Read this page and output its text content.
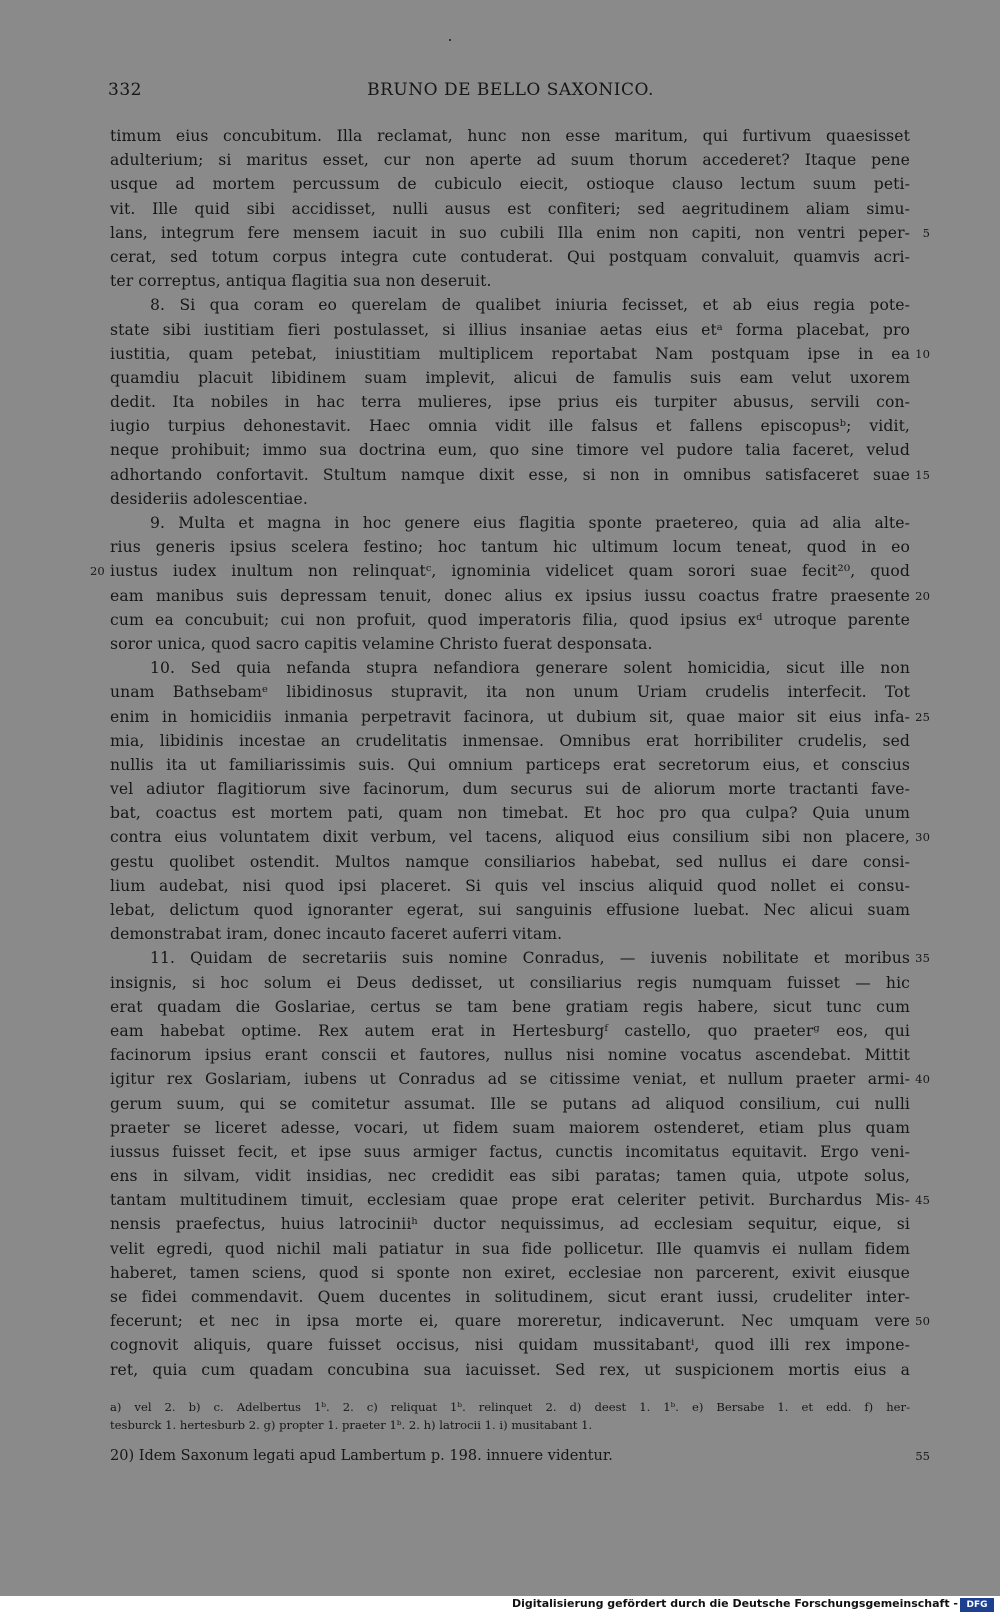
332	BRUNO DE BELLO SAXONICO.
timum eius concubitum. Illa reclamat, hunc non esse maritum, qui furtivum quaesisset
adulterium; si maritus esset, cur non aperte ad suum thorum accederet? Itaque pene
usque ad mortem percussum de cubiculo eiecit, ostioque clauso lectum suum peti-
vit. Ille quid sibi accidisset, nulli ausus est confiteri; sed aegritudinem aliam simu-
lans, integrum fere mensem iacuit in suo cubili Illa enim non capiti, non ventri peper- 5
cerat, sed totum corpus integra cute contuderat. Qui postquam convaluit, quamvis acri-
ter correptus, antiqua flagitia sua non deseruit.
8. Si qua coram eo querelam de qualibet iniuria fecisset, et ab eius regia pote-
state sibi iustitiam fieri postulasset, si illius insaniae aetas eius etᵃ forma placebat, pro
iustitia, quam petebat, iniustitiam multiplicem reportabat Nam postquam ipse in ea 10
quamdiu placuit libidinem suam implevit, alicui de famulis suis eam velut uxorem
dedit. Ita nobiles in hac terra mulieres, ipse prius eis turpiter abusus, servili con-
iugio turpius dehonestavit. Haec omnia vidit ille falsus et fallens episcopusᵇ; vidit,
neque prohibuit; immo sua doctrina eum, quo sine timore vel pudore talia faceret, velud
adhortando confortavit. Stultum namque dixit esse, si non in omnibus satisfaceret suae 15
desideriis adolescentiae.
9. Multa et magna in hoc genere eius flagitia sponte praetereo, quia ad alia alte-
rius generis ipsius scelera festino; hoc tantum hic ultimum locum teneat, quod in eo
iustus iudex inultum non relinquatᶜ, ignominia videlicet quam sorori suae fecit²⁰, quod
20
eam manibus suis depressam tenuit, donec alius ex ipsius iussu coactus fratre praesente 20
cum ea concubuit; cui non profuit, quod imperatoris filia, quod ipsius exᵈ utroque parente
soror unica, quod sacro capitis velamine Christo fuerat desponsata.
10. Sed quia nefanda stupra nefandiora generare solent homicidia, sicut ille non
unam Bathsebamᵉ libidinosus stupravit, ita non unum Uriam crudelis interfecit. Tot
enim in homicidiis inmania perpetravit facinora, ut dubium sit, quae maior sit eius infa- 25
mia, libidinis incestae an crudelitatis inmensae. Omnibus erat horribiliter crudelis, sed
nullis ita ut familiarissimis suis. Qui omnium particeps erat secretorum eius, et conscius
vel adiutor flagitiorum sive facinorum, dum securus sui de aliorum morte tractanti fave-
bat, coactus est mortem pati, quam non timebat. Et hoc pro qua culpa? Quia unum
contra eius voluntatem dixit verbum, vel tacens, aliquod eius consilium sibi non placere, 30
gestu quolibet ostendit. Multos namque consiliarios habebat, sed nullus ei dare consi-
lium audebat, nisi quod ipsi placeret. Si quis vel inscius aliquid quod nollet ei consu-
lebat, delictum quod ignoranter egerat, sui sanguinis effusione luebat. Nec alicui suam
demonstrabat iram, donec incauto faceret auferri vitam.
11. Quidam de secretariis suis nomine Conradus, — iuvenis nobilitate et moribus 35
insignis, si hoc solum ei Deus dedisset, ut consiliarius regis numquam fuisset — hic
erat quadam die Goslariae, certus se tam bene gratiam regis habere, sicut tunc cum
eam habebat optime. Rex autem erat in Hertesburgᶠ castello, quo praeterᵍ eos, qui
facinorum ipsius erant conscii et fautores, nullus nisi nomine vocatus ascendebat. Mittit
igitur rex Goslariam, iubens ut Conradus ad se citissime veniat, et nullum praeter armi- 40
gerum suum, qui se comitetur assumat. Ille se putans ad aliquod consilium, cui nulli
praeter se liceret adesse, vocari, ut fidem suam maiorem ostenderet, etiam plus quam
iussus fuisset fecit, et ipse suus armiger factus, cunctis incomitatus equitavit. Ergo veni-
ens in silvam, vidit insidias, nec credidit eas sibi paratas; tamen quia, utpote solus,
tantam multitudinem timuit, ecclesiam quae prope erat celeriter petivit. Burchardus Mis- 45
nensis praefectus, huius latrociniiʰ ductor nequissimus, ad ecclesiam sequitur, eique, si
velit egredi, quod nichil mali patiatur in sua fide pollicetur. Ille quamvis ei nullam fidem
haberet, tamen sciens, quod si sponte non exiret, ecclesiae non parcerent, exivit eiusque
se fidei commendavit. Quem ducentes in solitudinem, sicut erant iussi, crudeliter inter-
fecerunt; et nec in ipsa morte ei, quare moreretur, indicaverunt. Nec umquam vere 50
cognovit aliquis, quare fuisset occisus, nisi quidam mussitabantⁱ, quod illi rex impone-
ret, quia cum quadam concubina sua iacuisset. Sed rex, ut suspicionem mortis eius a
a) vel 2. b) c. Adelbertus 1ᵇ. 2. c) reliquat 1ᵇ. relinquet 2. d) deest 1. 1ᵇ. e) Bersabe 1. et edd. f) her-
tesburck 1. hertesburb 2. g) propter 1. praeter 1ᵇ. 2. h) latrocii 1. i) musitabant 1.
20) Idem Saxonum legati apud Lambertum p. 198. innuere videntur.	55
Digitalisierung gefördert durch die Deutsche Forschungsgemeinschaft - DFG
